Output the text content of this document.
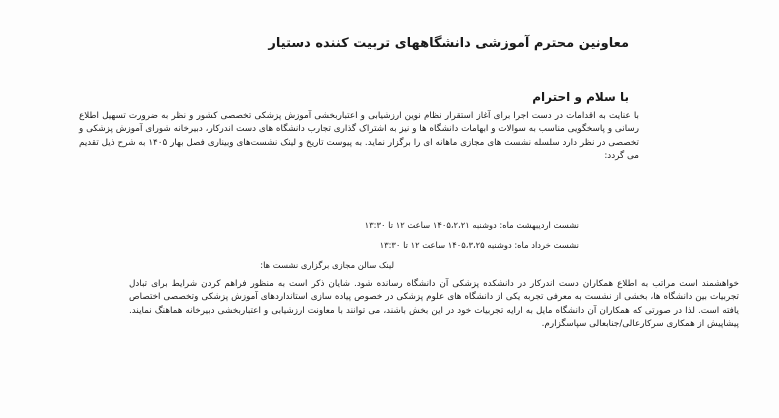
معاونین محترم آموزشی دانشگاههای تربیت کننده دستیار
با سلام و احترام
با عنایت به اقدامات در دست اجرا برای آغاز استقرار نظام نوین ارزشیابی و اعتباربخشی آموزش پزشکی تخصصی کشور و نظر به ضرورت تسهیل اطلاع رسانی و پاسخگویی مناسب به سوالات و ابهامات دانشگاه ها و نیز به اشتراک گذاری تجارب دانشگاه های دست اندرکار، دبیرخانه شورای آموزش پزشکی و تخصصی در نظر دارد سلسله نشست های مجازی ماهانه ای را برگزار نماید. به پیوست تاریخ و لینک نشست‌های وبیناری فصل بهار ۱۴۰۵ به شرح ذیل تقدیم می گردد:
نشست اردیبهشت ماه: دوشنبه ۱۴۰۵،۲،۲۱ ساعت ۱۲ تا ۱۳:۳۰
نشست خرداد ماه: دوشنبه ۱۴۰۵،۳،۲۵ ساعت ۱۲ تا ۱۳:۳۰
لینک سالن مجازی برگزاری نشست ها:
خواهشمند است مراتب به اطلاع همکاران دست اندرکار در دانشکده پزشکی آن دانشگاه رسانده شود. شایان ذکر است به منظور فراهم کردن شرایط برای تبادل تجربیات بین دانشگاه ها، بخشی از نشست به معرفی تجربه یکی از دانشگاه های علوم پزشکی در خصوص پیاده سازی استانداردهای آموزش پزشکی وتخصصی اختصاص یافته است. لذا در صورتی که همکاران آن دانشگاه مایل به ارایه تجربیات خود در این بخش باشند، می توانند با معاونت ارزشیابی و اعتباربخشی دبیرخانه هماهنگ نمایند. پیشاپیش از همکاری سرکارعالی/جنابعالی سپاسگزارم.
